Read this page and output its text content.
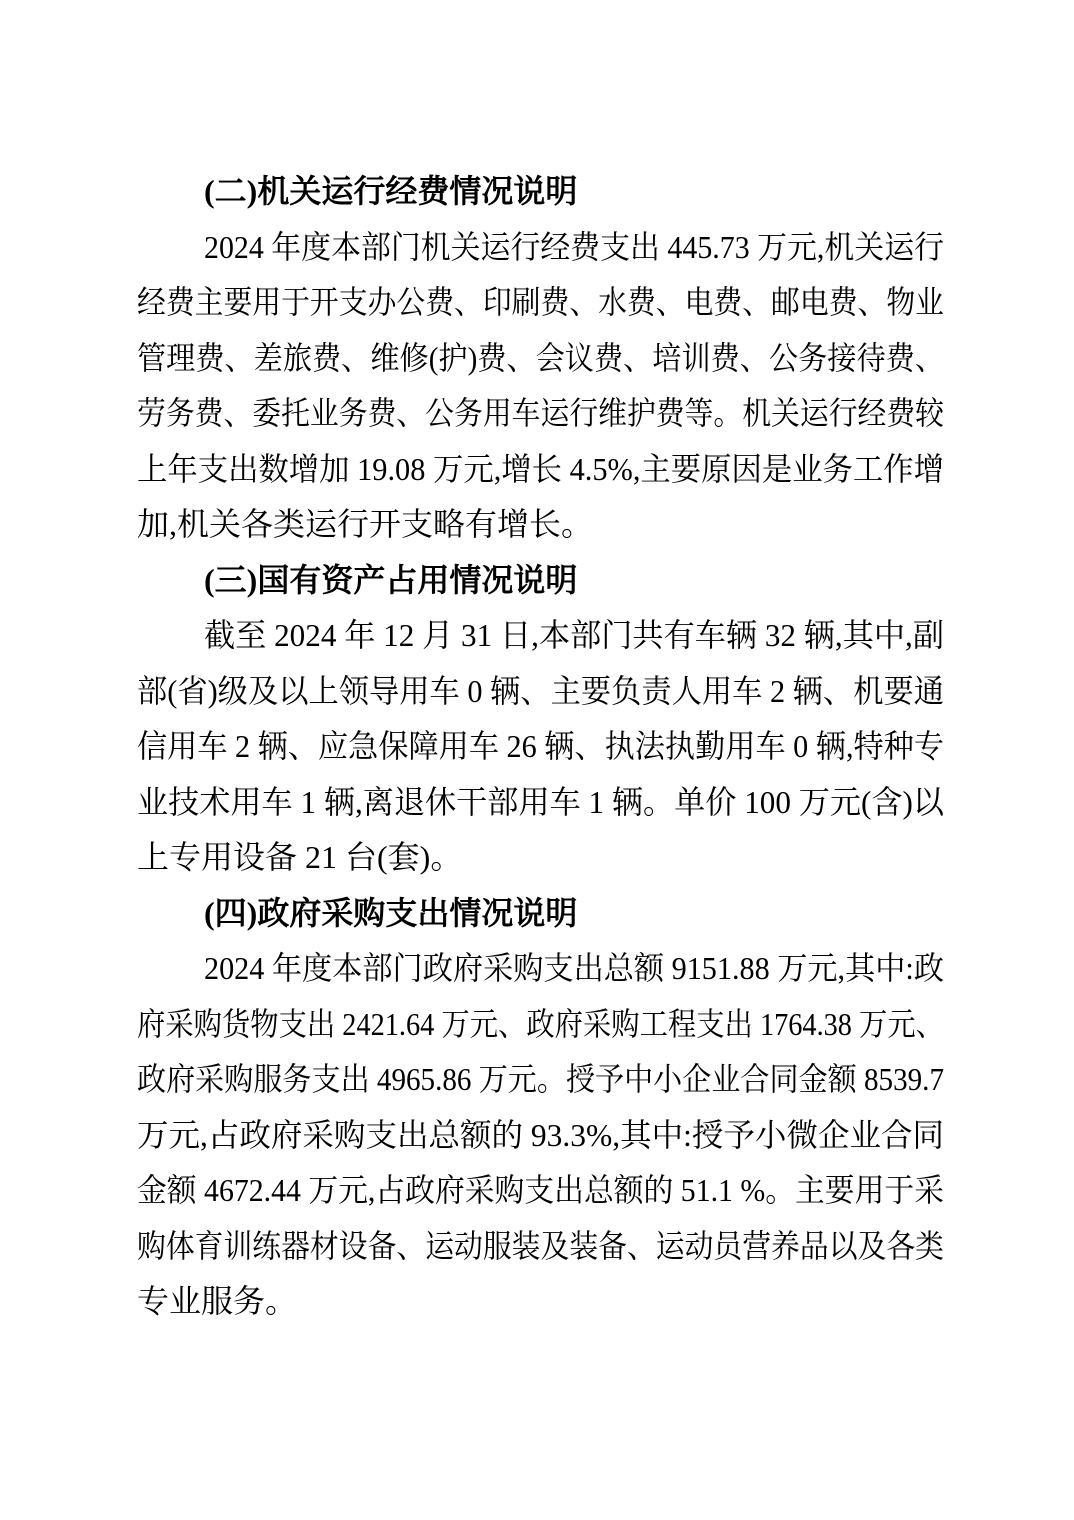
(二)机关运行经费情况说明
2024 年度本部门机关运行经费支出 445.73 万元,机关运行
经费主要用于开支办公费、印刷费、水费、电费、邮电费、物业
管理费、差旅费、维修(护)费、会议费、培训费、公务接待费、
劳务费、委托业务费、公务用车运行维护费等。机关运行经费较
上年支出数增加 19.08 万元,增长 4.5%,主要原因是业务工作增
加,机关各类运行开支略有增长。
(三)国有资产占用情况说明
截至 2024 年 12 月 31 日,本部门共有车辆 32 辆,其中,副
部(省)级及以上领导用车 0 辆、主要负责人用车 2 辆、机要通
信用车 2 辆、应急保障用车 26 辆、执法执勤用车 0 辆,特种专
业技术用车 1 辆,离退休干部用车 1 辆。单价 100 万元(含)以
上专用设备 21 台(套)。
(四)政府采购支出情况说明
2024 年度本部门政府采购支出总额 9151.88 万元,其中:政
府采购货物支出 2421.64 万元、政府采购工程支出 1764.38 万元、
政府采购服务支出 4965.86 万元。授予中小企业合同金额 8539.7
万元,占政府采购支出总额的 93.3%,其中:授予小微企业合同
金额 4672.44 万元,占政府采购支出总额的 51.1 %。主要用于采
购体育训练器材设备、运动服装及装备、运动员营养品以及各类
专业服务。
